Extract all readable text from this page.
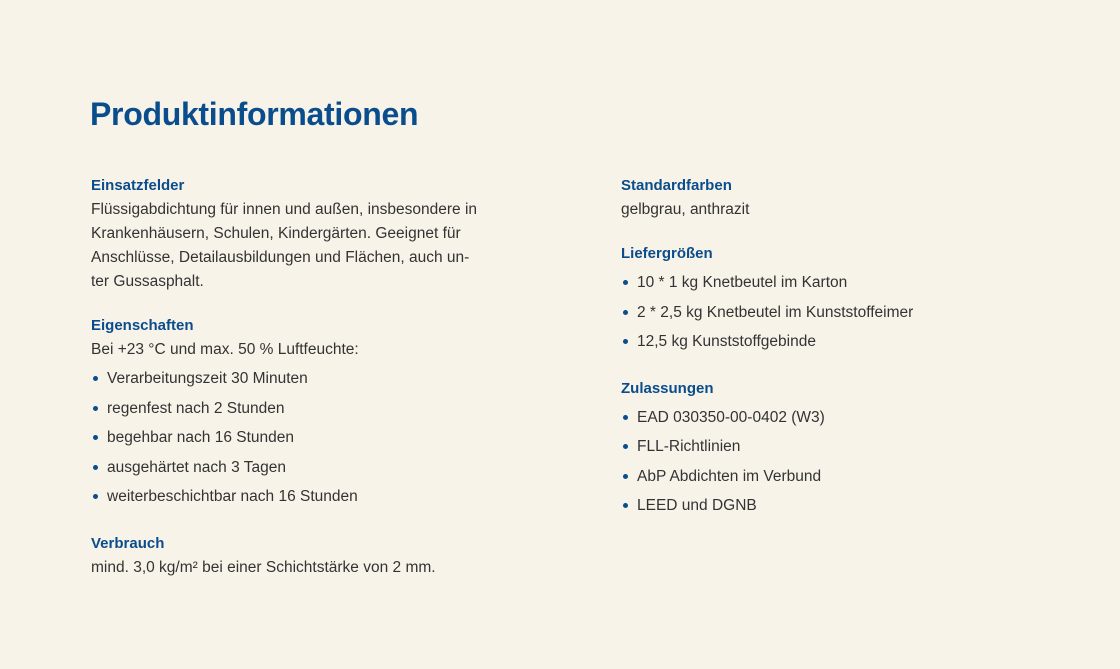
Produktinformationen

Einsatzfelder

Flüssigabdichtung für innen und außen, insbesondere in
Krankenhäusern, Schulen, Kindergärten. Geeignet für
Anschlüsse, Detailausbildungen und Flächen, auch un-
ter Gussasphalt.

Eigenschaften

Bei +23 °C und max. 50 % Luftfeuchte:

Verarbeitungszeit 30 Minuten
regenfest nach 2 Stunden
begehbar nach 16 Stunden
ausgehärtet nach 3 Tagen
weiterbeschichtbar nach 16 Stunden

Verbrauch

mind. 3,0 kg/m² bei einer Schichtstärke von 2 mm.

Standardfarben

gelbgrau, anthrazit

Liefergrößen

10 * 1 kg Knetbeutel im Karton
2 * 2,5 kg Knetbeutel im Kunststoffeimer
12,5 kg Kunststoffgebinde

Zulassungen

EAD 030350-00-0402 (W3)
FLL-Richtlinien
AbP Abdichten im Verbund
LEED und DGNB
